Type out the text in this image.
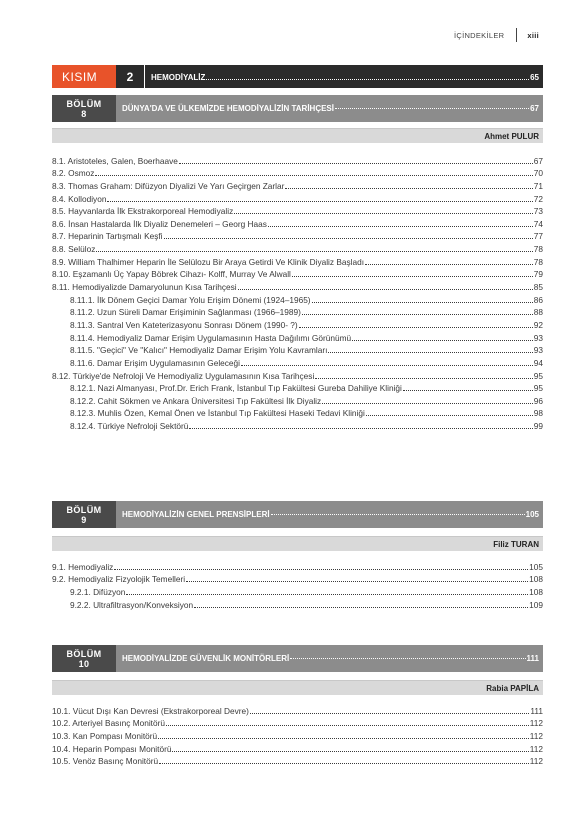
İÇİNDEKİLER	xiii
KISIM	2	HEMODİYALİZ	65
BÖLÜM
8	DÜNYA'DA VE ÜLKEMİZDE HEMODİYALİZİN TARİHÇESİ	67
Ahmet PULUR
8.1. Aristoteles, Galen, Boerhaave	67
8.2. Osmoz	70
8.3. Thomas Graham: Difüzyon Diyalizi Ve Yarı Geçirgen Zarlar	71
8.4. Kollodiyon	72
8.5. Hayvanlarda İlk Ekstrakorporeal Hemodiyaliz	73
8.6. İnsan Hastalarda İlk Diyaliz Denemeleri – Georg Haas	74
8.7. Heparinin Tartışmalı Keşfi	77
8.8. Selüloz	78
8.9. William Thalhimer Heparin İle Selülozu Bir Araya Getirdi Ve Klinik Diyaliz Başladı	78
8.10. Eşzamanlı Üç Yapay Böbrek Cihazı- Kolff, Murray Ve Alwall	79
8.11. Hemodiyalizde Damaryolunun Kısa Tarihçesi	85
8.11.1. İlk Dönem Geçici Damar Yolu Erişim Dönemi (1924–1965)	86
8.11.2. Uzun Süreli Damar Erişiminin Sağlanması (1966–1989)	88
8.11.3. Santral Ven Kateterizasyonu Sonrası Dönem (1990- ?)	92
8.11.4. Hemodiyaliz Damar Erişim Uygulamasının Hasta Dağılımı Görünümü	93
8.11.5. "Geçici" Ve "Kalıcı" Hemodiyaliz Damar Erişim Yolu Kavramları	93
8.11.6. Damar Erişim Uygulamasının Geleceği	94
8.12. Türkiye'de Nefroloji Ve Hemodiyaliz Uygulamasının Kısa Tarihçesi	95
8.12.1. Nazi Almanyası, Prof.Dr. Erich Frank, İstanbul Tıp Fakültesi Gureba Dahiliye Kliniği	95
8.12.2. Cahit Sökmen ve Ankara Üniversitesi Tıp Fakültesi İlk Diyaliz	96
8.12.3. Muhlis Özen, Kemal Önen ve İstanbul Tıp Fakültesi Haseki Tedavi Kliniği	98
8.12.4. Türkiye Nefroloji Sektörü	99
BÖLÜM
9	HEMODİYALİZİN GENEL PRENSİPLERİ	105
Filiz TURAN
9.1. Hemodiyaliz	105
9.2. Hemodiyaliz Fizyolojik Temelleri	108
9.2.1. Difüzyon	108
9.2.2. Ultrafiltrasyon/Konveksiyon	109
BÖLÜM
10	HEMODİYALİZDE GÜVENLİK MONİTÖRLERİ	111
Rabia PAPİLA
10.1. Vücut Dışı Kan Devresi (Ekstrakorporeal Devre)	111
10.2. Arteriyel Basınç Monitörü	112
10.3. Kan Pompası Monitörü	112
10.4. Heparin Pompası Monitörü	112
10.5. Venöz Basınç Monitörü	112
